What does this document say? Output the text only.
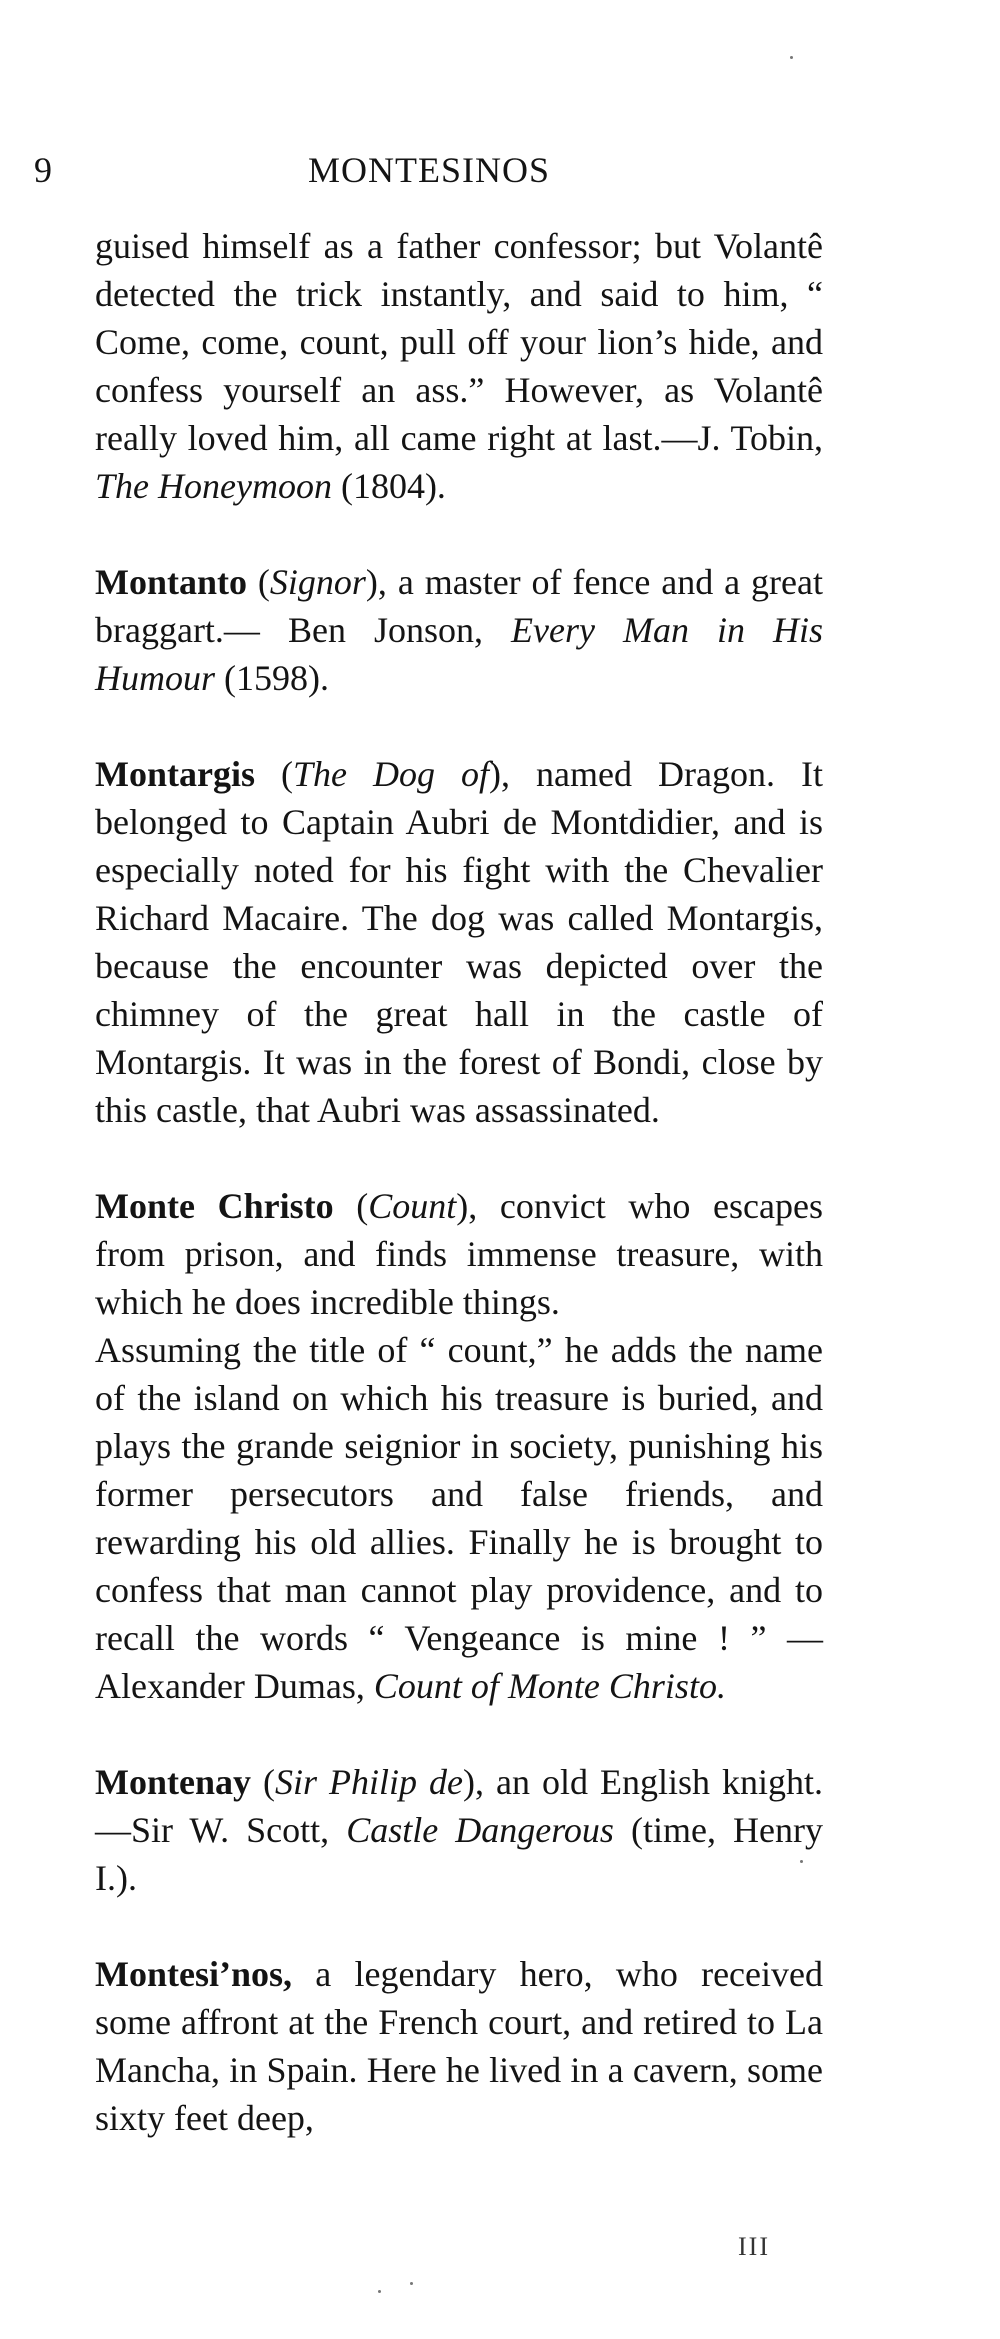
9	MONTESINOS

guised himself as a father confessor; but Volantê detected the trick instantly, and said to him, “ Come, come, count, pull off your lion’s hide, and confess yourself an ass.” However, as Volantê really loved him, all came right at last.—J. Tobin, The Honeymoon (1804).

Montanto (Signor), a master of fence and a great braggart.— Ben Jonson, Every Man in His Humour (1598).

Montargis (The Dog of), named Dragon. It belonged to Captain Aubri de Montdidier, and is especially noted for his fight with the Chevalier Richard Macaire. The dog was called Montargis, because the encounter was depicted over the chimney of the great hall in the castle of Montargis. It was in the forest of Bondi, close by this castle, that Aubri was assassinated.

Monte Christo (Count), convict who escapes from prison, and finds immense treasure, with which he does incredible things.

Assuming the title of “ count,” he adds the name of the island on which his treasure is buried, and plays the grande seignior in society, punishing his former persecutors and false friends, and rewarding his old allies. Finally he is brought to confess that man cannot play providence, and to recall the words “ Vengeance is mine ! ” — Alexander Dumas, Count of Monte Christo.

Montenay (Sir Philip de), an old English knight.—Sir W. Scott, Castle Dangerous (time, Henry I.).

Montesi’nos, a legendary hero, who received some affront at the French court, and retired to La Mancha, in Spain. Here he lived in a cavern, some sixty feet deep,

III
